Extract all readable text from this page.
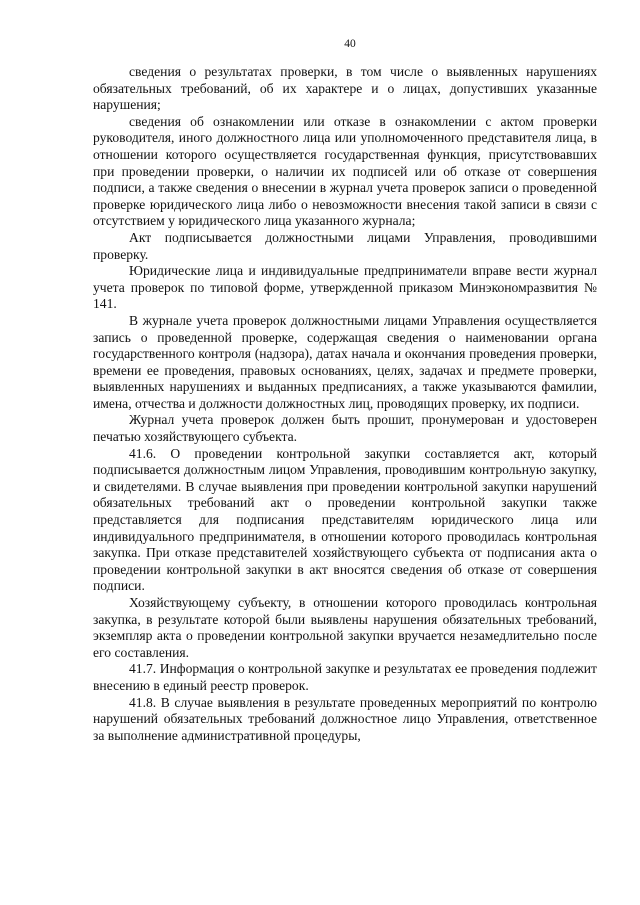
40

сведения о результатах проверки, в том числе о выявленных нарушениях обязательных требований, об их характере и о лицах, допустивших указанные нарушения;

сведения об ознакомлении или отказе в ознакомлении с актом проверки руководителя, иного должностного лица или уполномоченного представителя лица, в отношении которого осуществляется государственная функция, присутствовавших при проведении проверки, о наличии их подписей или об отказе от совершения подписи, а также сведения о внесении в журнал учета проверок записи о проведенной проверке юридического лица либо о невозможности внесения такой записи в связи с отсутствием у юридического лица указанного журнала;

Акт подписывается должностными лицами Управления, проводившими проверку.

Юридические лица и индивидуальные предприниматели вправе вести журнал учета проверок по типовой форме, утвержденной приказом Минэкономразвития № 141.

В журнале учета проверок должностными лицами Управления осуществляется запись о проведенной проверке, содержащая сведения о наименовании органа государственного контроля (надзора), датах начала и окончания проведения проверки, времени ее проведения, правовых основаниях, целях, задачах и предмете проверки, выявленных нарушениях и выданных предписаниях, а также указываются фамилии, имена, отчества и должности должностных лиц, проводящих проверку, их подписи.

Журнал учета проверок должен быть прошит, пронумерован и удостоверен печатью хозяйствующего субъекта.

41.6. О проведении контрольной закупки составляется акт, который подписывается должностным лицом Управления, проводившим контрольную закупку, и свидетелями. В случае выявления при проведении контрольной закупки нарушений обязательных требований акт о проведении контрольной закупки также представляется для подписания представителям юридического лица или индивидуального предпринимателя, в отношении которого проводилась контрольная закупка. При отказе представителей хозяйствующего субъекта от подписания акта о проведении контрольной закупки в акт вносятся сведения об отказе от совершения подписи.

Хозяйствующему субъекту, в отношении которого проводилась контрольная закупка, в результате которой были выявлены нарушения обязательных требований, экземпляр акта о проведении контрольной закупки вручается незамедлительно после его составления.

41.7. Информация о контрольной закупке и результатах ее проведения подлежит внесению в единый реестр проверок.

41.8. В случае выявления в результате проведенных мероприятий по контролю нарушений обязательных требований должностное лицо Управления, ответственное за выполнение административной процедуры,
